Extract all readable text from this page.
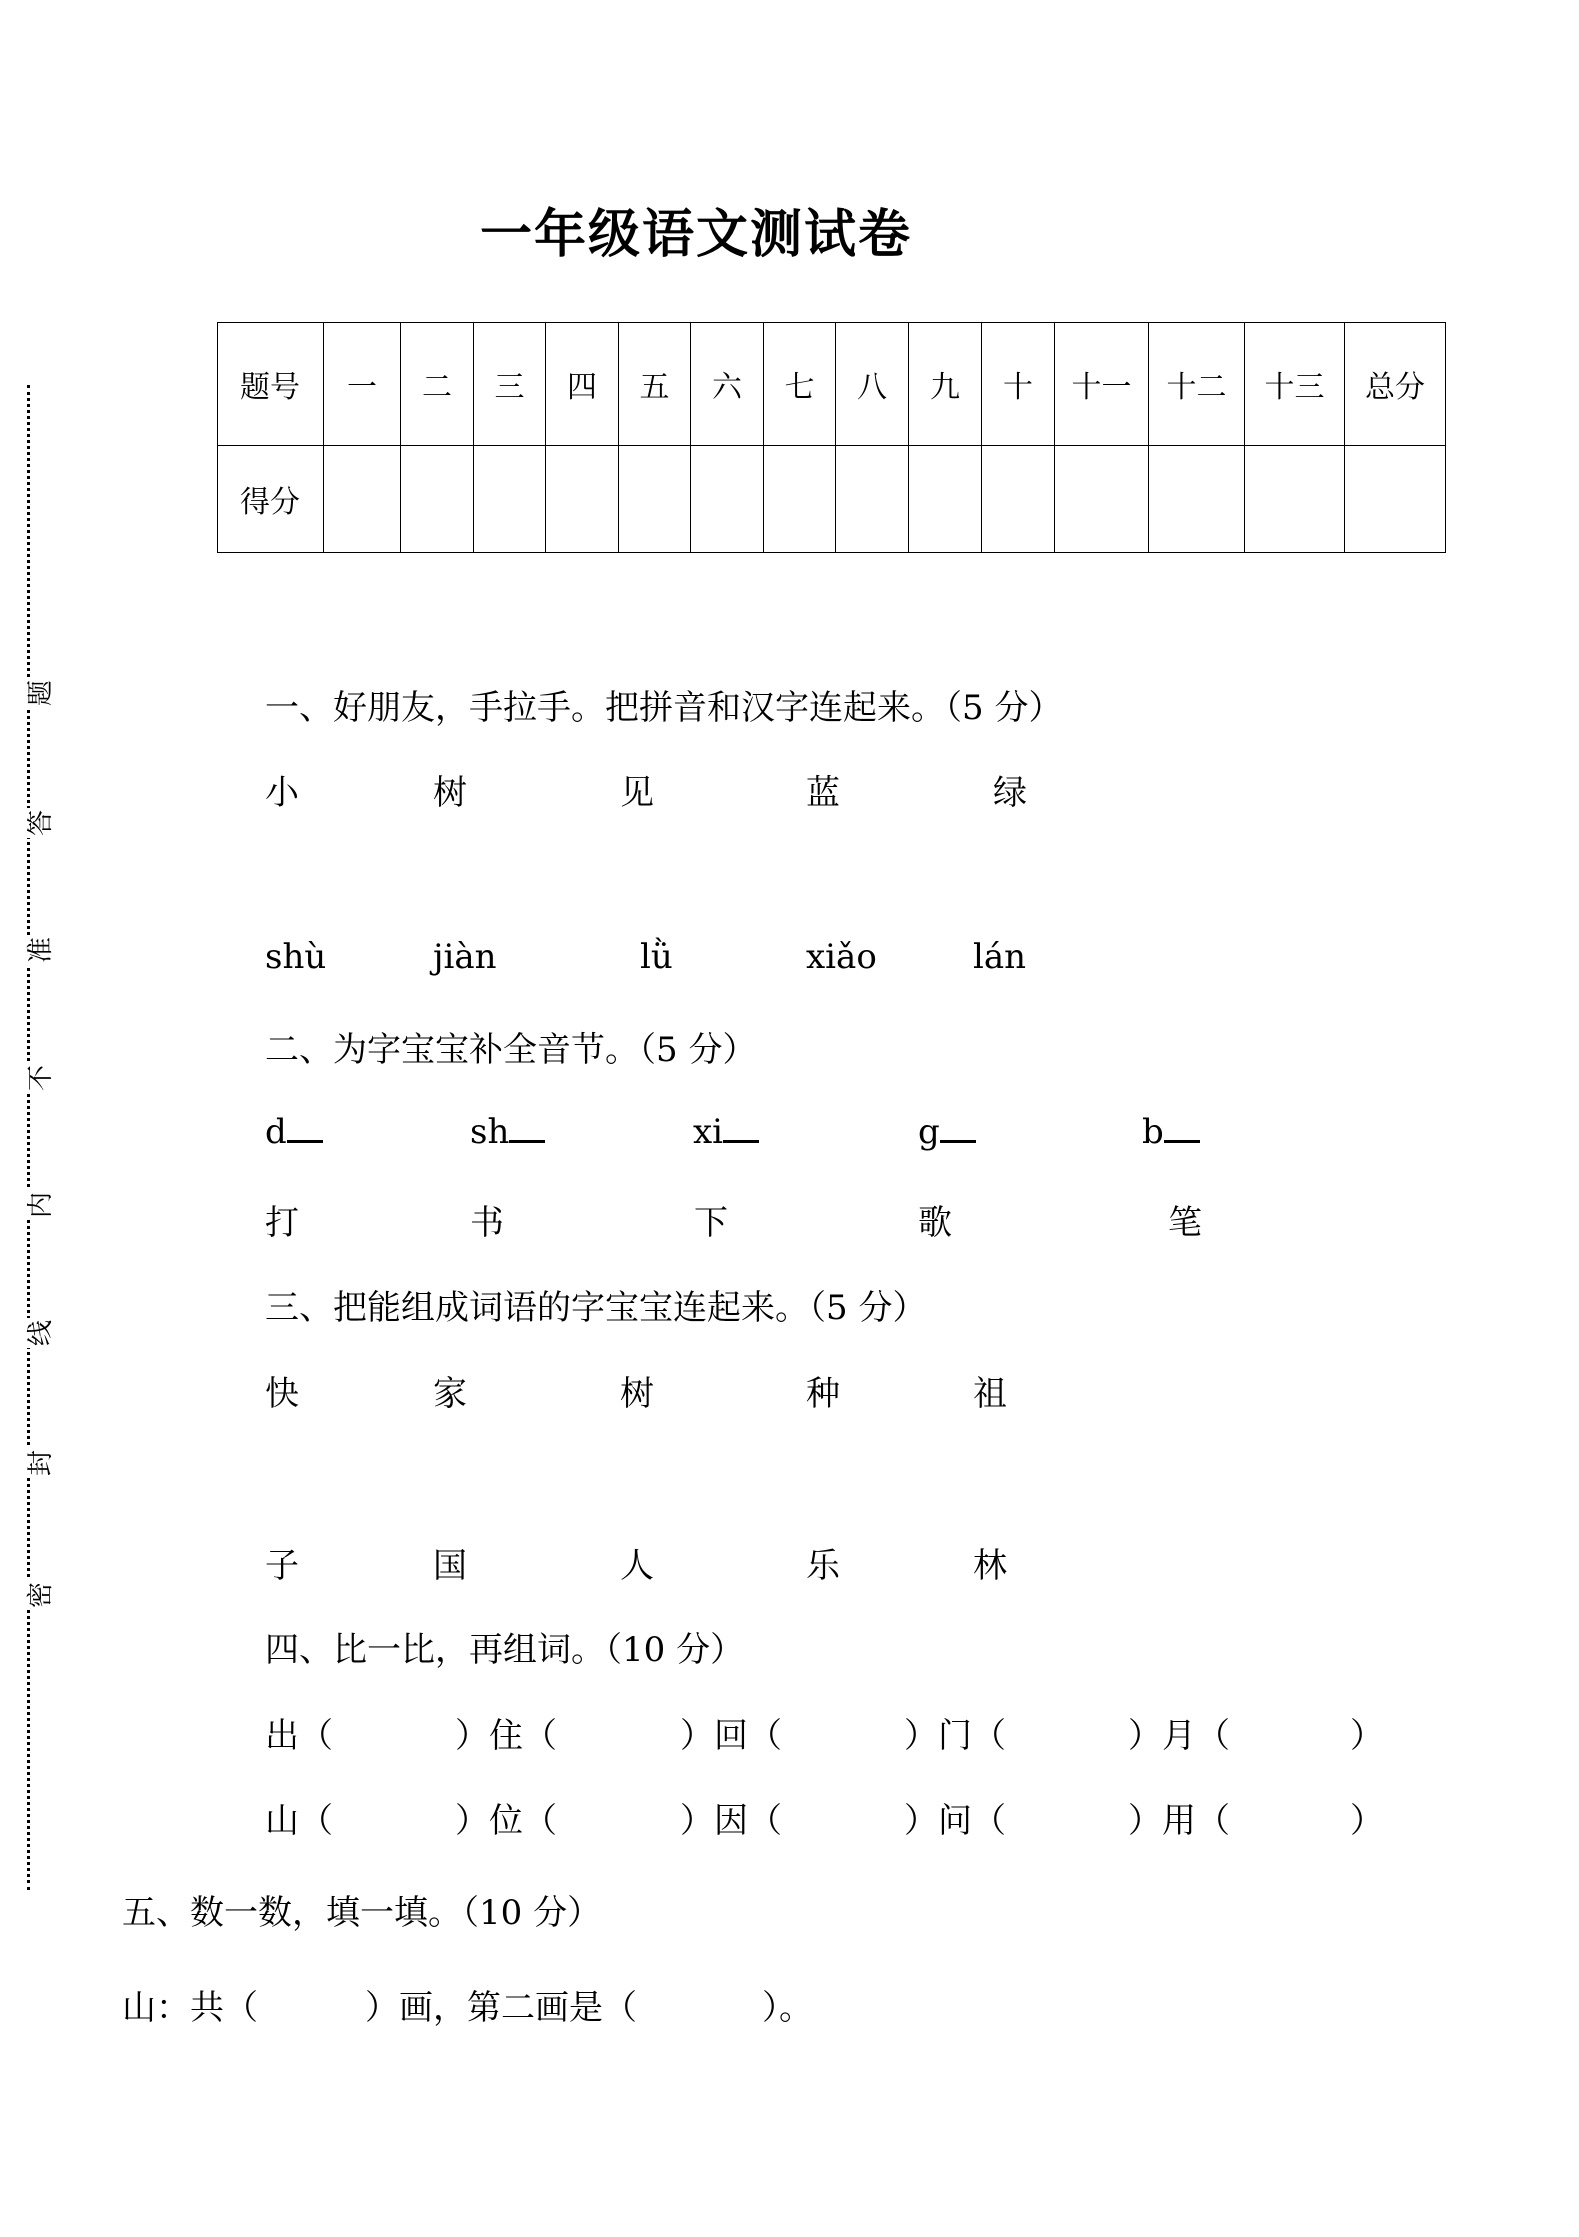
一年级语文测试卷
题号	一	二	三	四	五	六	七	八	九	十	十一	十二	十三	总分
得分														
密
封
线
内
不
准
答
题	一、好朋友，手拉手。把拼音和汉字连起来。（5 分）
小	树	见	蓝	绿
shù	jiàn	lǜ	xiǎo	lán
二、为字宝宝补全音节。（5 分）
d	sh	xi	g	b
打	书	下	歌	笔
三、把能组成词语的字宝宝连起来。（5 分）
快	家	树	种	祖
子	国	人	乐	林
四、比一比，再组词。（10 分）
出（	）住（	）回（	）门（	）月（	）
山（	）位（	）因（	）问（	）用（	）
五、数一数，填一填。（10 分）
山：共（	）画，第二画是（	）。
